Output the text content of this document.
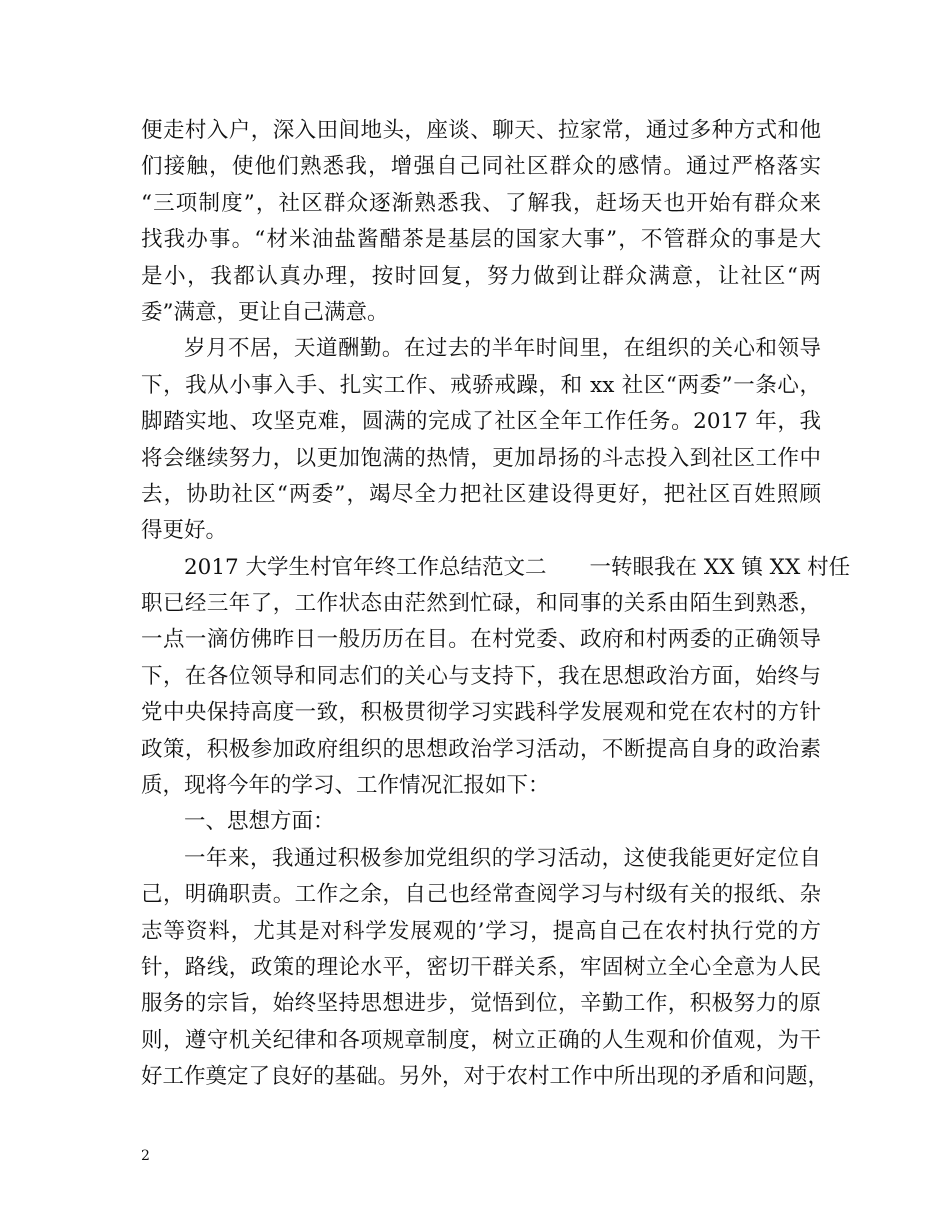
便走村入户，深入田间地头，座谈、聊天、拉家常，通过多种方式和他
们接触，使他们熟悉我，增强自己同社区群众的感情。通过严格落实
“三项制度”，社区群众逐渐熟悉我、了解我，赶场天也开始有群众来
找我办事。“材米油盐酱醋茶是基层的国家大事”，不管群众的事是大
是小，我都认真办理，按时回复，努力做到让群众满意，让社区“两
委”满意，更让自己满意。
岁月不居，天道酬勤。在过去的半年时间里，在组织的关心和领导
下，我从小事入手、扎实工作、戒骄戒躁，和 xx 社区“两委”一条心，
脚踏实地、攻坚克难，圆满的完成了社区全年工作任务。2017 年，我
将会继续努力，以更加饱满的热情，更加昂扬的斗志投入到社区工作中
去，协助社区“两委”，竭尽全力把社区建设得更好，把社区百姓照顾
得更好。
2017 大学生村官年终工作总结范文二　　一转眼我在 XX 镇 XX 村任
职已经三年了，工作状态由茫然到忙碌，和同事的关系由陌生到熟悉，
一点一滴仿佛昨日一般历历在目。在村党委、政府和村两委的正确领导
下，在各位领导和同志们的关心与支持下，我在思想政治方面，始终与
党中央保持高度一致，积极贯彻学习实践科学发展观和党在农村的方针
政策，积极参加政府组织的思想政治学习活动，不断提高自身的政治素
质，现将今年的学习、工作情况汇报如下：
一、思想方面：
一年来，我通过积极参加党组织的学习活动，这使我能更好定位自
己，明确职责。工作之余，自己也经常查阅学习与村级有关的报纸、杂
志等资料，尤其是对科学发展观的’学习，提高自己在农村执行党的方
针，路线，政策的理论水平，密切干群关系，牢固树立全心全意为人民
服务的宗旨，始终坚持思想进步，觉悟到位，辛勤工作，积极努力的原
则，遵守机关纪律和各项规章制度，树立正确的人生观和价值观，为干
好工作奠定了良好的基础。另外，对于农村工作中所出现的矛盾和问题，
2
